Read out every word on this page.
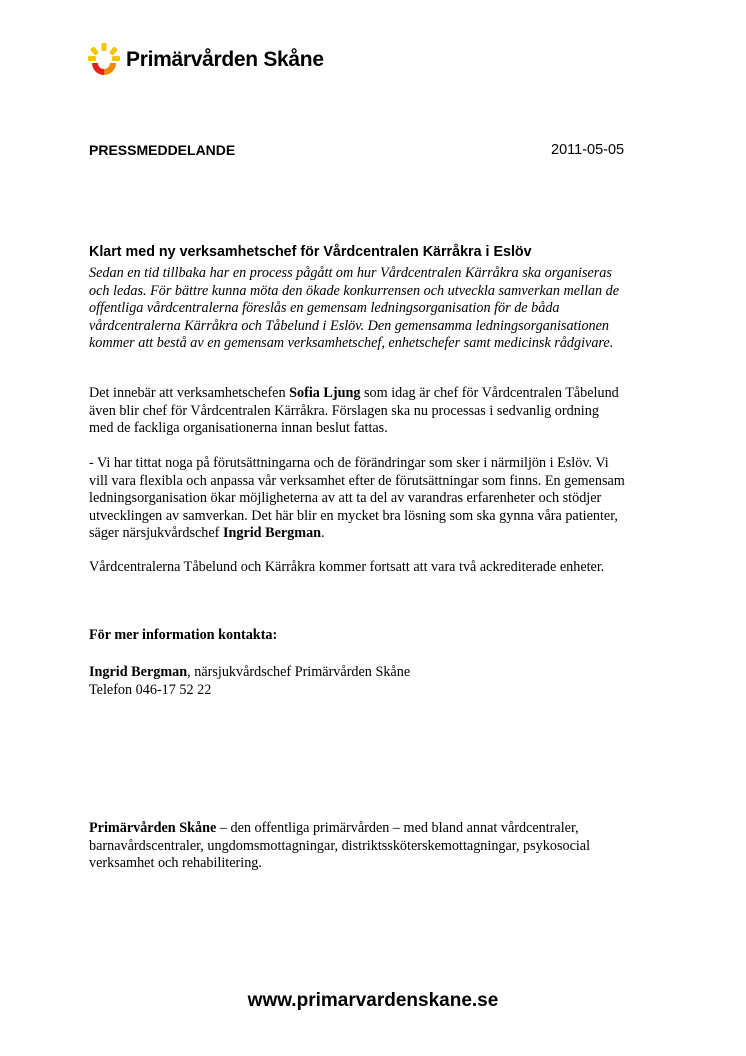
Primärvården Skåne
PRESSMEDDELANDE	2011-05-05
Klart med ny verksamhetschef för Vårdcentralen Kärråkra i Eslöv

Sedan en tid tillbaka har en process pågått om hur Vårdcentralen Kärråkra ska organiseras
och ledas. För bättre kunna möta den ökade konkurrensen och utveckla samverkan mellan de
offentliga vårdcentralerna föreslås en gemensam ledningsorganisation för de båda
vårdcentralerna Kärråkra och Tåbelund i Eslöv. Den gemensamma ledningsorganisationen
kommer att bestå av en gemensam verksamhetschef, enhetschefer samt medicinsk rådgivare.

Det innebär att verksamhetschefen Sofia Ljung som idag är chef för Vårdcentralen Tåbelund
även blir chef för Vårdcentralen Kärråkra. Förslagen ska nu processas i sedvanlig ordning
med de fackliga organisationerna innan beslut fattas.

- Vi har tittat noga på förutsättningarna och de förändringar som sker i närmiljön i Eslöv. Vi
vill vara flexibla och anpassa vår verksamhet efter de förutsättningar som finns. En gemensam
ledningsorganisation ökar möjligheterna av att ta del av varandras erfarenheter och stödjer
utvecklingen av samverkan. Det här blir en mycket bra lösning som ska gynna våra patienter,
säger närsjukvårdschef Ingrid Bergman.

Vårdcentralerna Tåbelund och Kärråkra kommer fortsatt att vara två ackrediterade enheter.

För mer information kontakta:

Ingrid Bergman, närsjukvårdschef Primärvården Skåne
Telefon 046-17 52 22

Primärvården Skåne – den offentliga primärvården – med bland annat vårdcentraler,
barnavårdscentraler, ungdomsmottagningar, distriktssköterskemottagningar, psykosocial
verksamhet och rehabilitering.

www.primarvardenskane.se
